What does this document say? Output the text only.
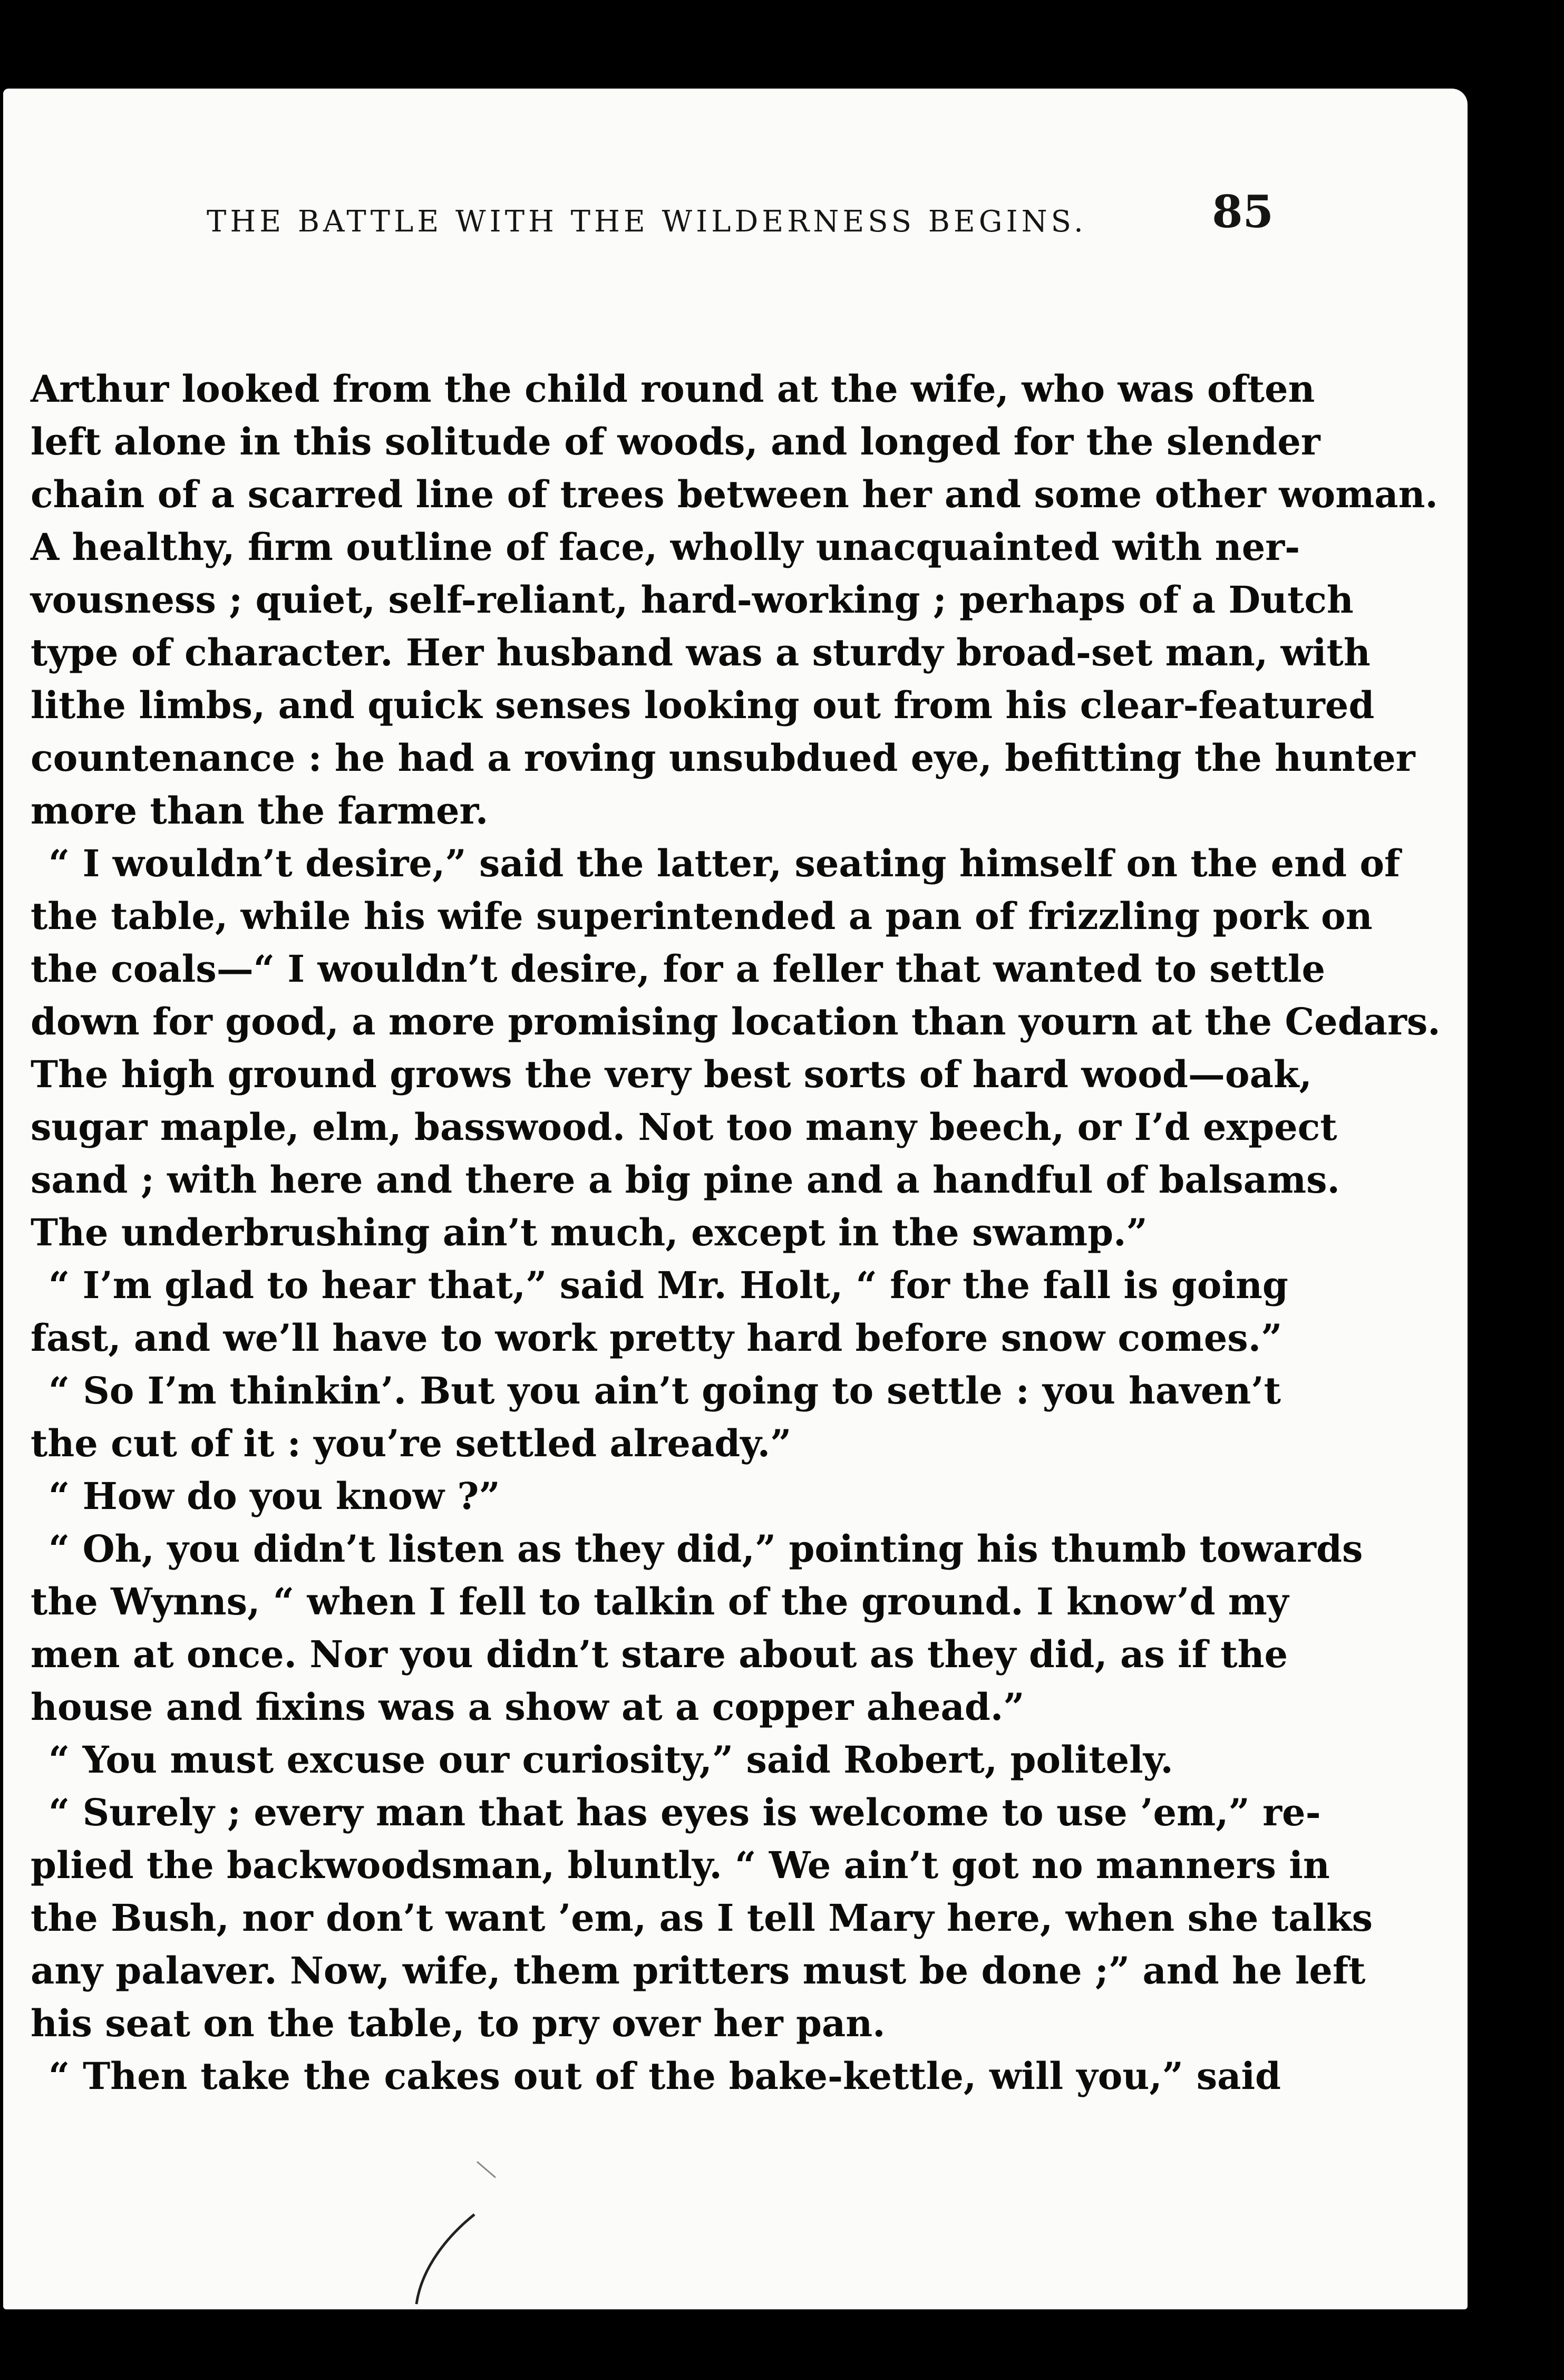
THE BATTLE WITH THE WILDERNESS BEGINS.	85
Arthur looked from the child round at the wife, who was often
left alone in this solitude of woods, and longed for the slender
chain of a scarred line of trees between her and some other woman.
A healthy, firm outline of face, wholly unacquainted with ner-
vousness ; quiet, self-reliant, hard-working ; perhaps of a Dutch
type of character. Her husband was a sturdy broad-set man, with
lithe limbs, and quick senses looking out from his clear-featured
countenance : he had a roving unsubdued eye, befitting the hunter
more than the farmer.
“ I wouldn’t desire,” said the latter, seating himself on the end of
the table, while his wife superintended a pan of frizzling pork on
the coals—“ I wouldn’t desire, for a feller that wanted to settle
down for good, a more promising location than yourn at the Cedars.
The high ground grows the very best sorts of hard wood—oak,
sugar maple, elm, basswood. Not too many beech, or I’d expect
sand ; with here and there a big pine and a handful of balsams.
The underbrushing ain’t much, except in the swamp.”
“ I’m glad to hear that,” said Mr. Holt, “ for the fall is going
fast, and we’ll have to work pretty hard before snow comes.”
“ So I’m thinkin’. But you ain’t going to settle : you haven’t
the cut of it : you’re settled already.”
“ How do you know ?”
“ Oh, you didn’t listen as they did,” pointing his thumb towards
the Wynns, “ when I fell to talkin of the ground. I know’d my
men at once. Nor you didn’t stare about as they did, as if the
house and fixins was a show at a copper ahead.”
“ You must excuse our curiosity,” said Robert, politely.
“ Surely ; every man that has eyes is welcome to use ’em,” re-
plied the backwoodsman, bluntly. “ We ain’t got no manners in
the Bush, nor don’t want ’em, as I tell Mary here, when she talks
any palaver. Now, wife, them pritters must be done ;” and he left
his seat on the table, to pry over her pan.
“ Then take the cakes out of the bake-kettle, will you,” said
